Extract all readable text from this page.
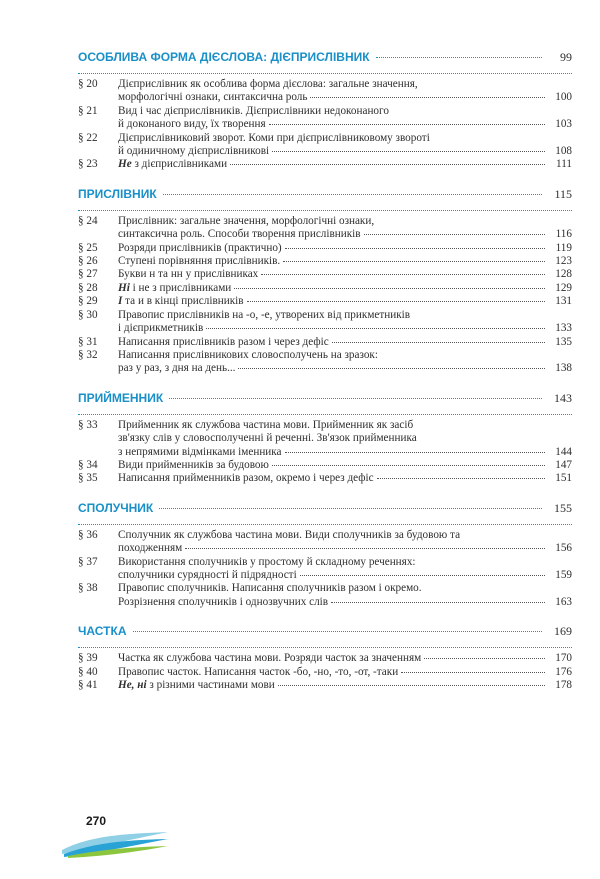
ОСОБЛИВА ФОРМА ДІЄСЛОВА: ДІЄПРИСЛІВНИК	99
§ 20	Дієприслівник як особлива форма дієслова: загальне значення,
морфологічні ознаки, синтаксична роль	100
§ 21	Вид і час дієприслівників. Дієприслівники недоконаного
й доконаного виду, їх творення	103
§ 22	Дієприслівниковий зворот. Коми при дієприслівниковому звороті
й одиничному дієприслівникові	108
§ 23	Не з дієприслівниками	111
ПРИСЛІВНИК	115
§ 24	Прислівник: загальне значення, морфологічні ознаки,
синтаксична роль. Способи творення прислівників	116
§ 25	Розряди прислівників (практично)	119
§ 26	Ступені порівняння прислівників.	123
§ 27	Букви н та нн у прислівниках	128
§ 28	Ні і не з прислівниками	129
§ 29	І та и в кінці прислівників	131
§ 30	Правопис прислівників на -о, -е, утворених від прикметників
і дієприкметників	133
§ 31	Написання прислівників разом і через дефіс	135
§ 32	Написання прислівникових словосполучень на зразок:
раз у раз, з дня на день...	138
ПРИЙМЕННИК	143
§ 33	Прийменник як службова частина мови. Прийменник як засіб
зв'язку слів у словосполученні й реченні. Зв'язок прийменника
з непрямими відмінками іменника	144
§ 34	Види прийменників за будовою	147
§ 35	Написання прийменників разом, окремо і через дефіс	151
СПОЛУЧНИК	155
§ 36	Сполучник як службова частина мови. Види сполучників за будовою та
походженням	156
§ 37	Використання сполучників у простому й складному реченнях:
сполучники сурядності й підрядності	159
§ 38	Правопис сполучників. Написання сполучників разом і окремо.
Розрізнення сполучників і однозвучних слів	163
ЧАСТКА	169
§ 39	Частка як службова частина мови. Розряди часток за значенням	170
§ 40	Правопис часток. Написання часток -бо, -но, -то, -от, -таки	176
§ 41	Не, ні з різними частинами мови	178
270
